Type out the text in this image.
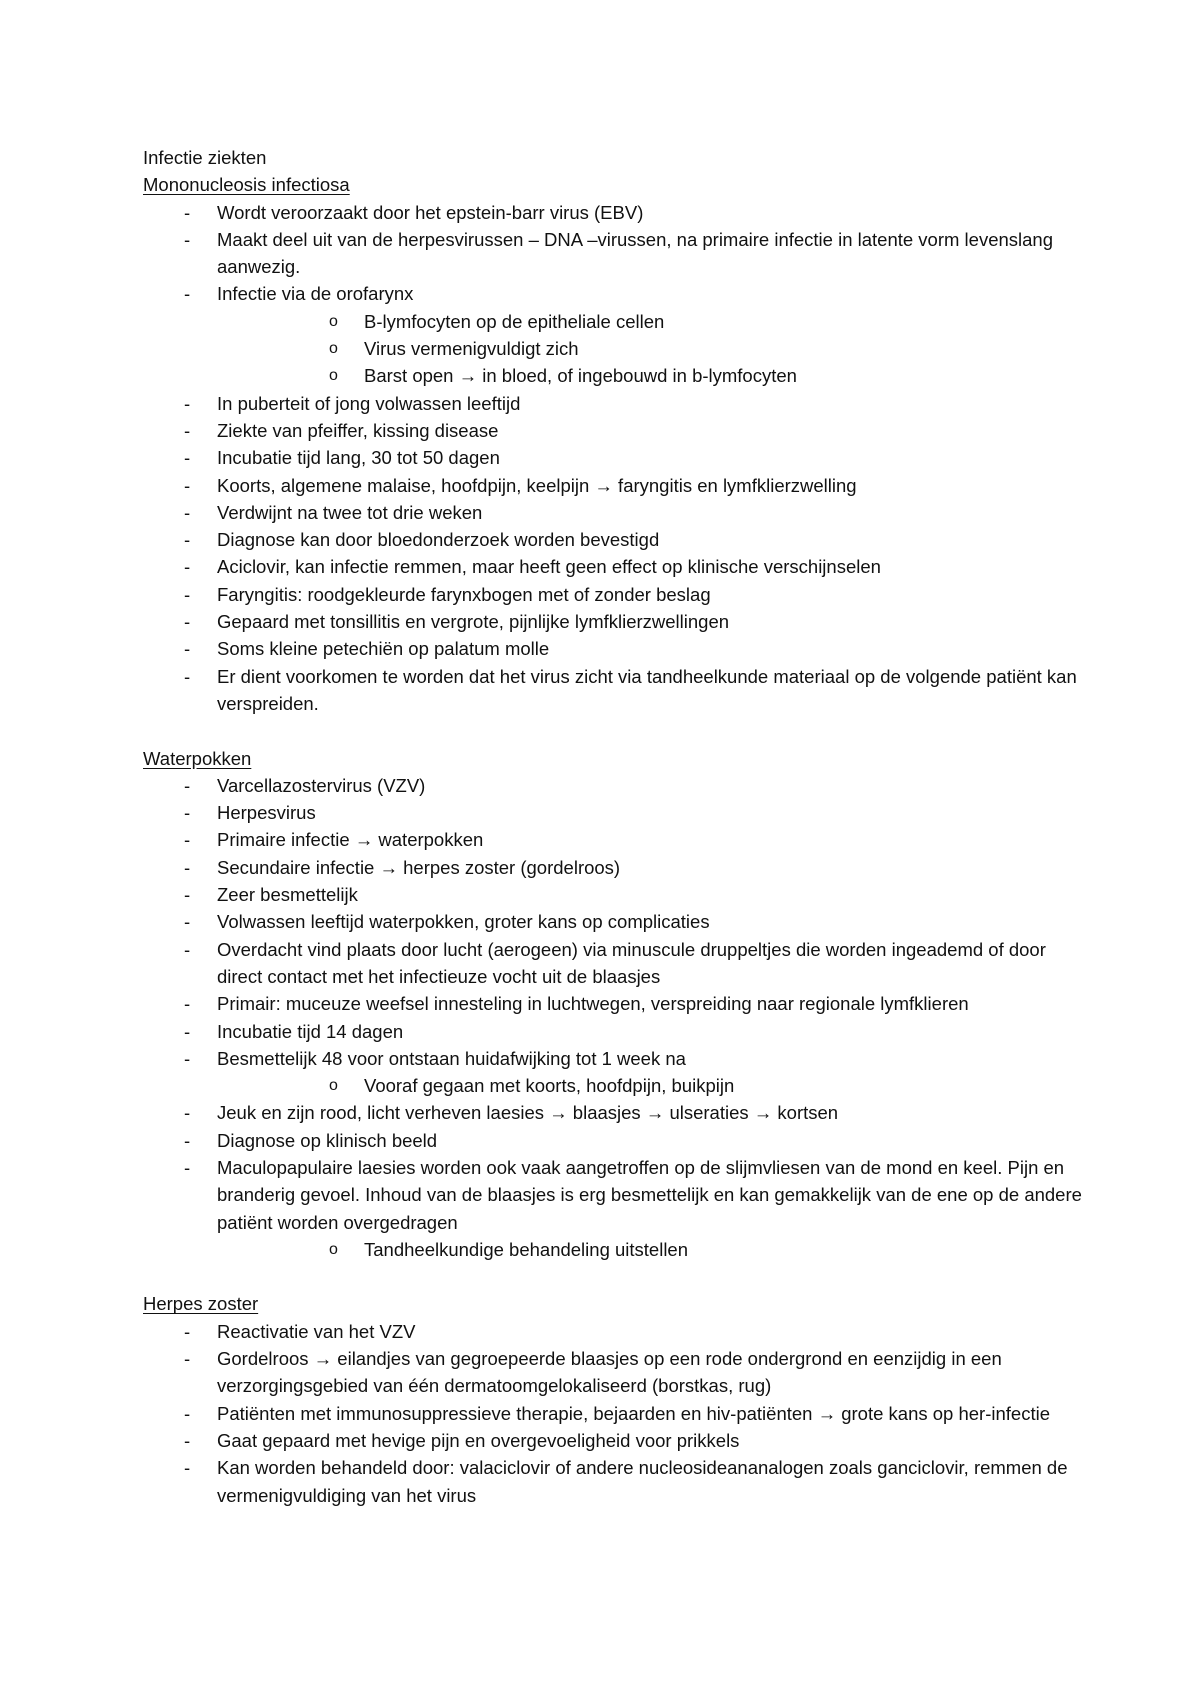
Infectie ziekten
Mononucleosis infectiosa
- Wordt veroorzaakt door het epstein-barr virus (EBV)
- Maakt deel uit van de herpesvirussen – DNA –virussen, na primaire infectie in latente vorm levenslang aanwezig.
- Infectie via de orofarynx
o B-lymfocyten op de epitheliale cellen
o Virus vermenigvuldigt zich
o Barst open → in bloed, of ingebouwd in b-lymfocyten
- In puberteit of jong volwassen leeftijd
- Ziekte van pfeiffer, kissing disease
- Incubatie tijd lang, 30 tot 50 dagen
- Koorts, algemene malaise, hoofdpijn, keelpijn → faryngitis en lymfklierzwelling
- Verdwijnt na twee tot drie weken
- Diagnose kan door bloedonderzoek worden bevestigd
- Aciclovir, kan infectie remmen, maar heeft geen effect op klinische verschijnselen
- Faryngitis: roodgekleurde farynxbogen met of zonder beslag
- Gepaard met tonsillitis en vergrote, pijnlijke lymfklierzwellingen
- Soms kleine petechiën op palatum molle
- Er dient voorkomen te worden dat het virus zicht via tandheelkunde materiaal op de volgende patiënt kan verspreiden.
Waterpokken
- Varcellazostervirus (VZV)
- Herpesvirus
- Primaire infectie → waterpokken
- Secundaire infectie → herpes zoster (gordelroos)
- Zeer besmettelijk
- Volwassen leeftijd waterpokken, groter kans op complicaties
- Overdacht vind plaats door lucht (aerogeen) via minuscule druppeltjes die worden ingeademd of door direct contact met het infectieuze vocht uit de blaasjes
- Primair: muceuze weefsel innesteling in luchtwegen, verspreiding naar regionale lymfklieren
- Incubatie tijd 14 dagen
- Besmettelijk 48 voor ontstaan huidafwijking tot 1 week na
o Vooraf gegaan met koorts, hoofdpijn, buikpijn
- Jeuk en zijn rood, licht verheven laesies → blaasjes → ulseraties → kortsen
- Diagnose op klinisch beeld
- Maculopapulaire laesies worden ook vaak aangetroffen op de slijmvliesen van de mond en keel. Pijn en branderig gevoel. Inhoud van de blaasjes is erg besmettelijk en kan gemakkelijk van de ene op de andere patiënt worden overgedragen
o Tandheelkundige behandeling uitstellen
Herpes zoster
- Reactivatie van het VZV
- Gordelroos → eilandjes van gegroepeerde blaasjes op een rode ondergrond en eenzijdig in een verzorgingsgebied van één dermatoomgelokaliseerd (borstkas, rug)
- Patiënten met immunosuppressieve therapie, bejaarden en hiv-patiënten → grote kans op her-infectie
- Gaat gepaard met hevige pijn en overgevoeligheid voor prikkels
- Kan worden behandeld door: valaciclovir of andere nucleosideananalogen zoals ganciclovir, remmen de vermenigvuldiging van het virus
